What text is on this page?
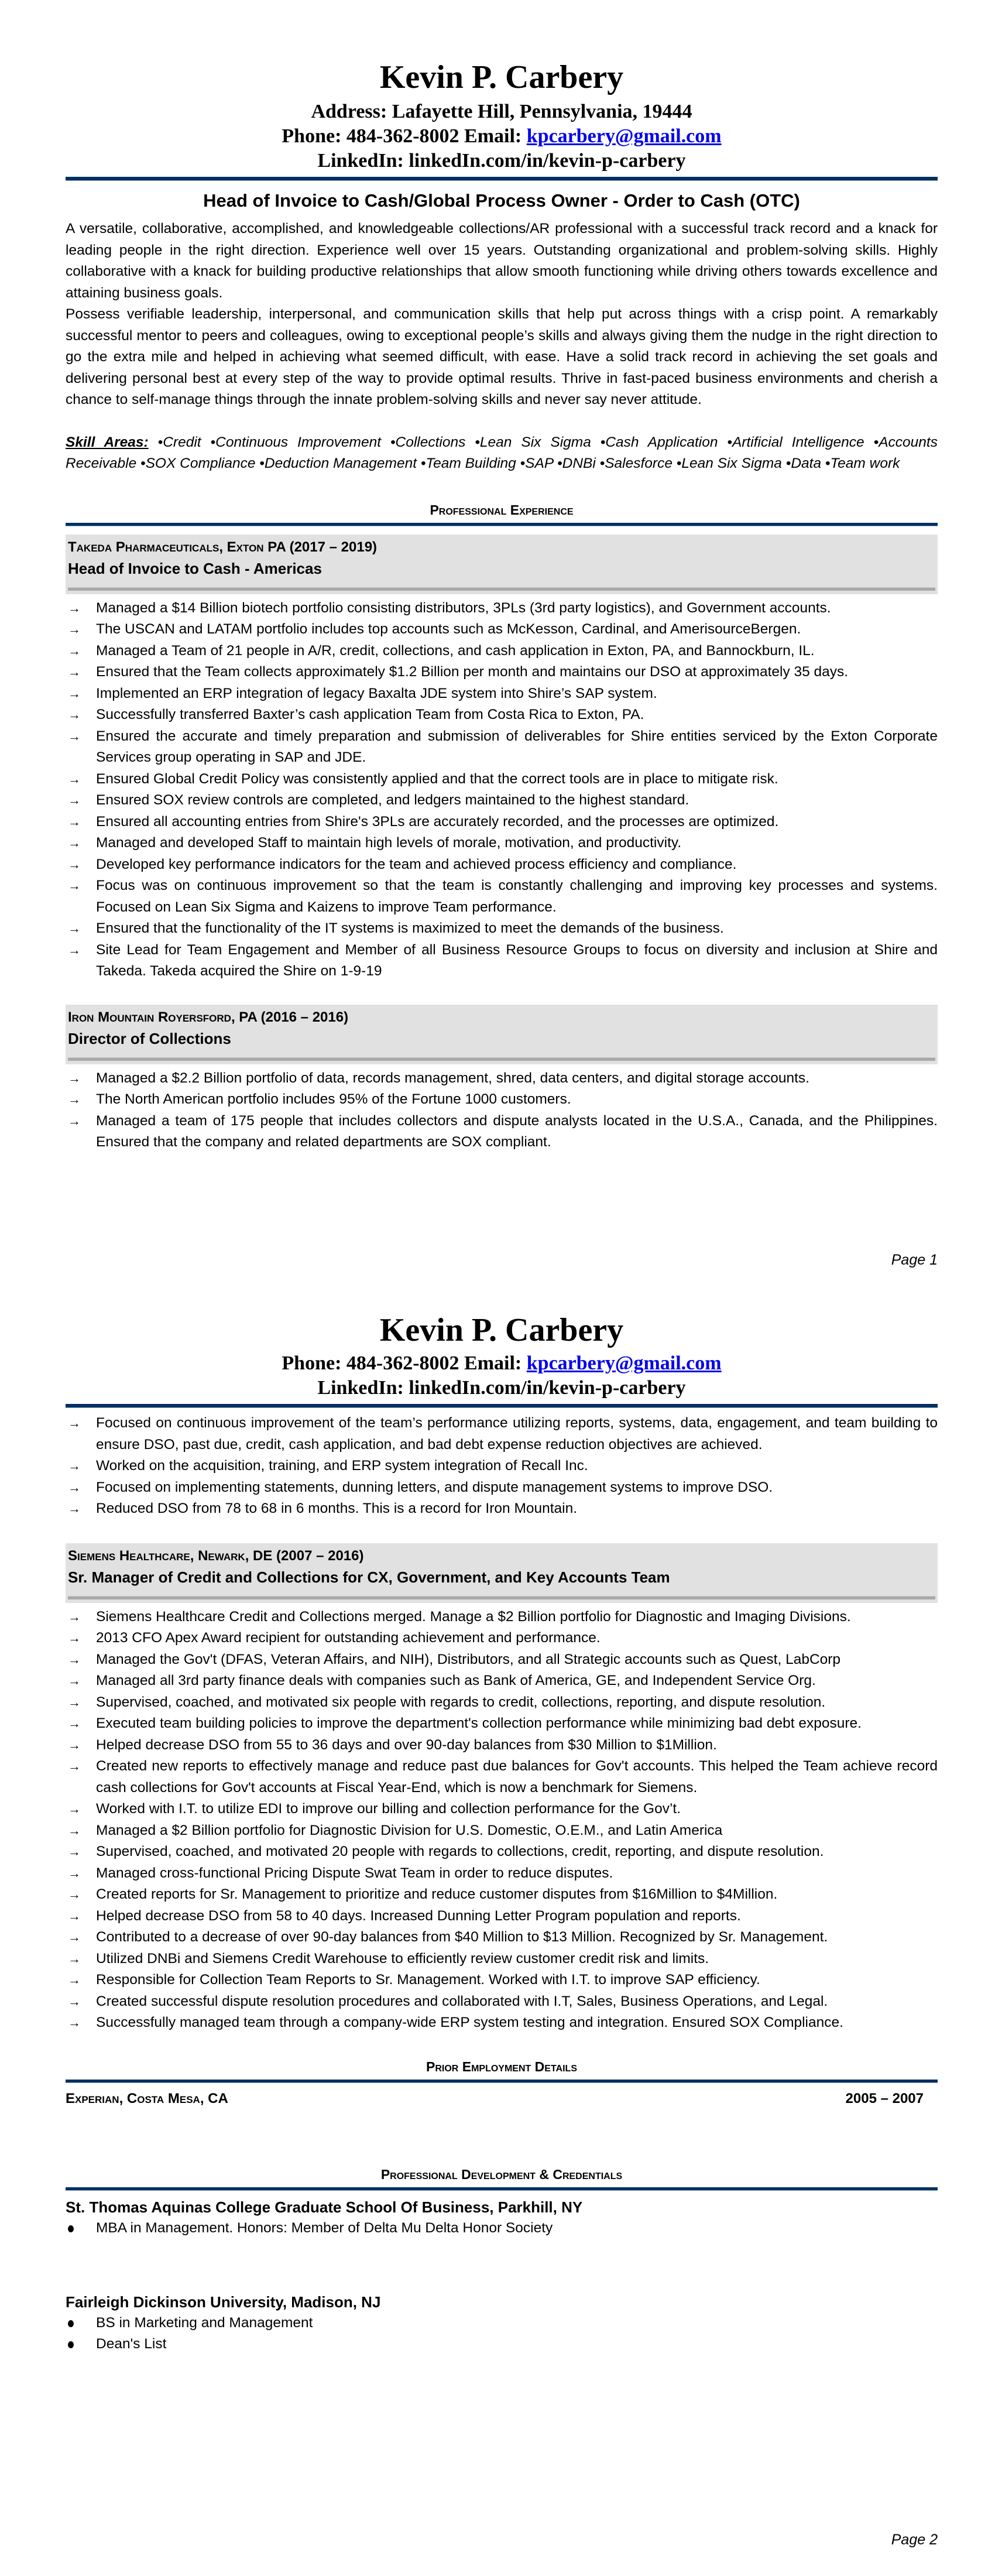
Kevin P. Carbery

Address: Lafayette Hill, Pennsylvania, 19444

Phone: 484-362-8002 Email: kpcarbery@gmail.com

LinkedIn: linkedIn.com/in/kevin-p-carbery

Head of Invoice to Cash/Global Process Owner - Order to Cash (OTC)

A versatile, collaborative, accomplished, and knowledgeable collections/AR professional with a successful track record and a knack for leading people in the right direction. Experience well over 15 years. Outstanding organizational and problem-solving skills. Highly collaborative with a knack for building productive relationships that allow smooth functioning while driving others towards excellence and attaining business goals.

Possess verifiable leadership, interpersonal, and communication skills that help put across things with a crisp point. A remarkably successful mentor to peers and colleagues, owing to exceptional people’s skills and always giving them the nudge in the right direction to go the extra mile and helped in achieving what seemed difficult, with ease. Have a solid track record in achieving the set goals and delivering personal best at every step of the way to provide optimal results. Thrive in fast-paced business environments and cherish a chance to self-manage things through the innate problem-solving skills and never say never attitude.

Skill Areas: •Credit •Continuous Improvement •Collections •Lean Six Sigma •Cash Application •Artificial Intelligence •Accounts Receivable •SOX Compliance •Deduction Management •Team Building •SAP •DNBi •Salesforce •Lean Six Sigma •Data •Team work

Professional Experience

Takeda Pharmaceuticals, Exton PA (2017 – 2019)
Head of Invoice to Cash - Americas
→ Managed a $14 Billion biotech portfolio consisting distributors, 3PLs (3rd party logistics), and Government accounts.
→ The USCAN and LATAM portfolio includes top accounts such as McKesson, Cardinal, and AmerisourceBergen.
→ Managed a Team of 21 people in A/R, credit, collections, and cash application in Exton, PA, and Bannockburn, IL.
→ Ensured that the Team collects approximately $1.2 Billion per month and maintains our DSO at approximately 35 days.
→ Implemented an ERP integration of legacy Baxalta JDE system into Shire’s SAP system.
→ Successfully transferred Baxter’s cash application Team from Costa Rica to Exton, PA.
→ Ensured the accurate and timely preparation and submission of deliverables for Shire entities serviced by the Exton Corporate Services group operating in SAP and JDE.
→ Ensured Global Credit Policy was consistently applied and that the correct tools are in place to mitigate risk.
→ Ensured SOX review controls are completed, and ledgers maintained to the highest standard.
→ Ensured all accounting entries from Shire's 3PLs are accurately recorded, and the processes are optimized.
→ Managed and developed Staff to maintain high levels of morale, motivation, and productivity.
→ Developed key performance indicators for the team and achieved process efficiency and compliance.
→ Focus was on continuous improvement so that the team is constantly challenging and improving key processes and systems. Focused on Lean Six Sigma and Kaizens to improve Team performance.
→ Ensured that the functionality of the IT systems is maximized to meet the demands of the business.
→ Site Lead for Team Engagement and Member of all Business Resource Groups to focus on diversity and inclusion at Shire and Takeda. Takeda acquired the Shire on 1-9-19
Iron Mountain Royersford, PA (2016 – 2016)
Director of Collections
→ Managed a $2.2 Billion portfolio of data, records management, shred, data centers, and digital storage accounts.
→ The North American portfolio includes 95% of the Fortune 1000 customers.
→ Managed a team of 175 people that includes collectors and dispute analysts located in the U.S.A., Canada, and the Philippines. Ensured that the company and related departments are SOX compliant.
Page 1
Kevin P. Carbery

Phone: 484-362-8002 Email: kpcarbery@gmail.com

LinkedIn: linkedIn.com/in/kevin-p-carbery

→ Focused on continuous improvement of the team’s performance utilizing reports, systems, data, engagement, and team building to ensure DSO, past due, credit, cash application, and bad debt expense reduction objectives are achieved.
→ Worked on the acquisition, training, and ERP system integration of Recall Inc.
→ Focused on implementing statements, dunning letters, and dispute management systems to improve DSO.
→ Reduced DSO from 78 to 68 in 6 months. This is a record for Iron Mountain.
Siemens Healthcare, Newark, DE (2007 – 2016)
Sr. Manager of Credit and Collections for CX, Government, and Key Accounts Team
→ Siemens Healthcare Credit and Collections merged. Manage a $2 Billion portfolio for Diagnostic and Imaging Divisions.
→ 2013 CFO Apex Award recipient for outstanding achievement and performance.
→ Managed the Gov't (DFAS, Veteran Affairs, and NIH), Distributors, and all Strategic accounts such as Quest, LabCorp
→ Managed all 3rd party finance deals with companies such as Bank of America, GE, and Independent Service Org.
→ Supervised, coached, and motivated six people with regards to credit, collections, reporting, and dispute resolution.
→ Executed team building policies to improve the department's collection performance while minimizing bad debt exposure.
→ Helped decrease DSO from 55 to 36 days and over 90-day balances from $30 Million to $1Million.
→ Created new reports to effectively manage and reduce past due balances for Gov't accounts. This helped the Team achieve record cash collections for Gov't accounts at Fiscal Year-End, which is now a benchmark for Siemens.
→ Worked with I.T. to utilize EDI to improve our billing and collection performance for the Gov’t.
→ Managed a $2 Billion portfolio for Diagnostic Division for U.S. Domestic, O.E.M., and Latin America
→ Supervised, coached, and motivated 20 people with regards to collections, credit, reporting, and dispute resolution.
→ Managed cross-functional Pricing Dispute Swat Team in order to reduce disputes.
→ Created reports for Sr. Management to prioritize and reduce customer disputes from $16Million to $4Million.
→ Helped decrease DSO from 58 to 40 days. Increased Dunning Letter Program population and reports.
→ Contributed to a decrease of over 90-day balances from $40 Million to $13 Million. Recognized by Sr. Management.
→ Utilized DNBi and Siemens Credit Warehouse to efficiently review customer credit risk and limits.
→ Responsible for Collection Team Reports to Sr. Management. Worked with I.T. to improve SAP efficiency.
→ Created successful dispute resolution procedures and collaborated with I.T, Sales, Business Operations, and Legal.
→ Successfully managed team through a company-wide ERP system testing and integration. Ensured SOX Compliance.

Prior Employment Details

Experian, Costa Mesa, CA	2005 – 2007

Professional Development & Credentials

St. Thomas Aquinas College Graduate School Of Business, Parkhill, NY

MBA in Management. Honors: Member of Delta Mu Delta Honor Society

Fairleigh Dickinson University, Madison, NJ

BS in Marketing and Management
Dean's List
Page 2
